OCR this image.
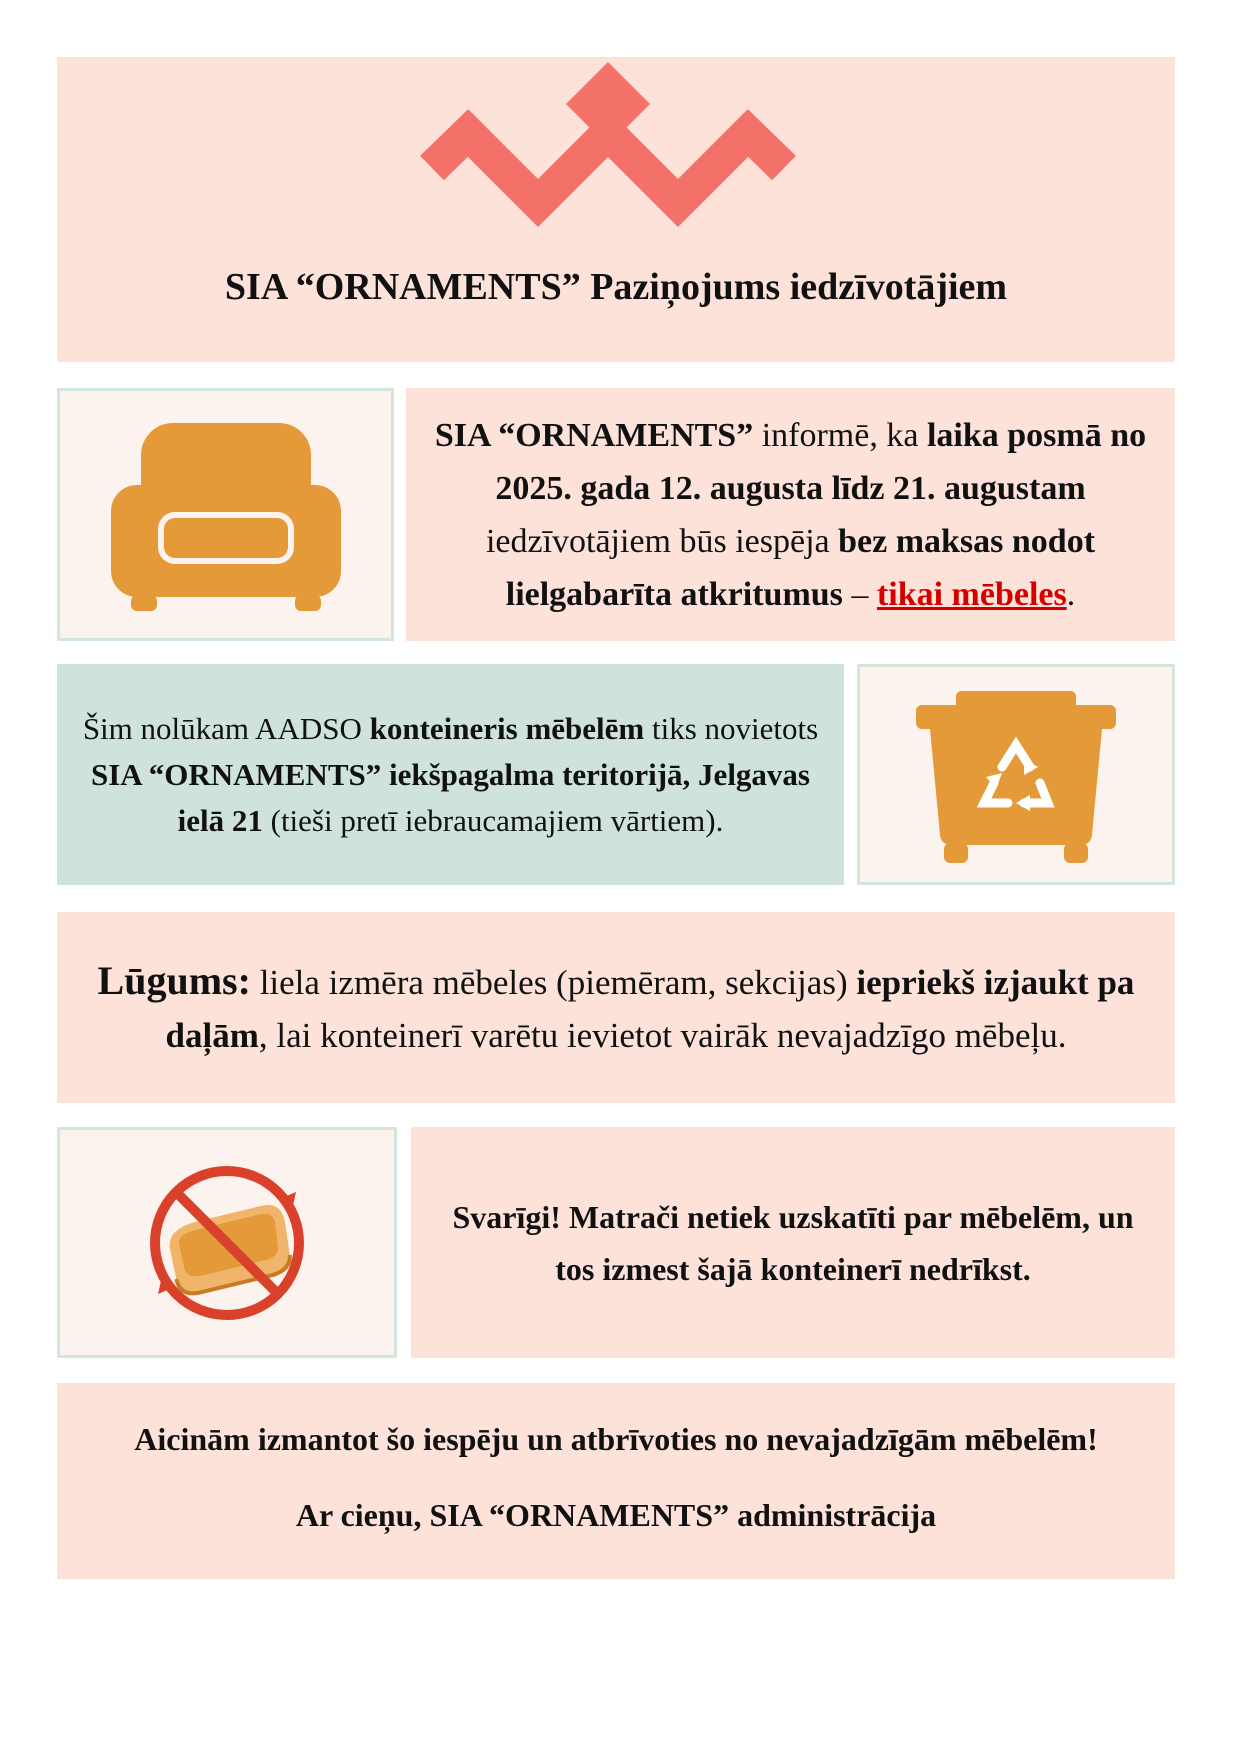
SIA “ORNAMENTS” Paziņojums iedzīvotājiem
SIA “ORNAMENTS” informē, ka laika posmā no 2025. gada 12. augusta līdz 21. augustam iedzīvotājiem būs iespēja bez maksas nodot lielgabarīta atkritumus – tikai mēbeles.
Šim nolūkam AADSO konteineris mēbelēm tiks novietots SIA “ORNAMENTS” iekšpagalma teritorijā, Jelgavas ielā 21 (tieši pretī iebraucamajiem vārtiem).
Lūgums: liela izmēra mēbeles (piemēram, sekcijas) iepriekš izjaukt pa daļām, lai konteinerī varētu ievietot vairāk nevajadzīgo mēbeļu.
Svarīgi! Matrači netiek uzskatīti par mēbelēm, un tos izmest šajā konteinerī nedrīkst.
Aicinām izmantot šo iespēju un atbrīvoties no nevajadzīgām mēbelēm!
Ar cieņu, SIA “ORNAMENTS” administrācija
